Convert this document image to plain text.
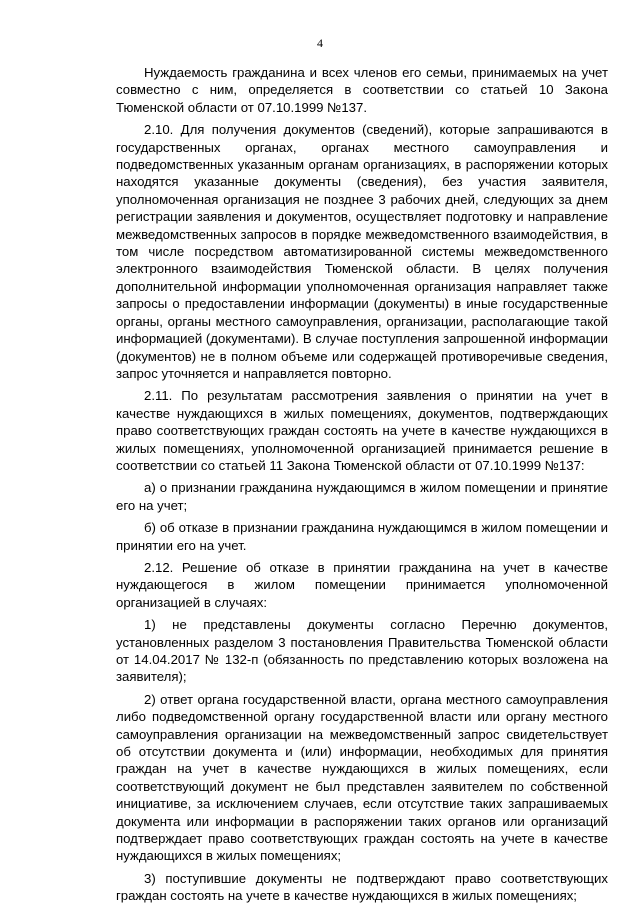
4

Нуждаемость гражданина и всех членов его семьи, принимаемых на учет совместно с ним, определяется в соответствии со статьей 10 Закона Тюменской области от 07.10.1999 №137.

2.10. Для получения документов (сведений), которые запрашиваются в государственных органах, органах местного самоуправления и подведомственных указанным органам организациях, в распоряжении которых находятся указанные документы (сведения), без участия заявителя, уполномоченная организация не позднее 3 рабочих дней, следующих за днем регистрации заявления и документов, осуществляет подготовку и направление межведомственных запросов в порядке межведомственного взаимодействия, в том числе посредством автоматизированной системы межведомственного электронного взаимодействия Тюменской области. В целях получения дополнительной информации уполномоченная организация направляет также запросы о предоставлении информации (документы) в иные государственные органы, органы местного самоуправления, организации, располагающие такой информацией (документами). В случае поступления запрошенной информации (документов) не в полном объеме или содержащей противоречивые сведения, запрос уточняется и направляется повторно.

2.11. По результатам рассмотрения заявления о принятии на учет в качестве нуждающихся в жилых помещениях, документов, подтверждающих право соответствующих граждан состоять на учете в качестве нуждающихся в жилых помещениях, уполномоченной организацией принимается решение в соответствии со статьей 11 Закона Тюменской области от 07.10.1999 №137:

а) о признании гражданина нуждающимся в жилом помещении и принятие его на учет;

б) об отказе в признании гражданина нуждающимся в жилом помещении и принятии его на учет.

2.12. Решение об отказе в принятии гражданина на учет в качестве нуждающегося в жилом помещении принимается уполномоченной организацией в случаях:

1) не представлены документы согласно Перечню документов, установленных разделом 3 постановления Правительства Тюменской области от 14.04.2017 № 132-п (обязанность по представлению которых возложена на заявителя);

2) ответ органа государственной власти, органа местного самоуправления либо подведомственной органу государственной власти или органу местного самоуправления организации на межведомственный запрос свидетельствует об отсутствии документа и (или) информации, необходимых для принятия граждан на учет в качестве нуждающихся в жилых помещениях, если соответствующий документ не был представлен заявителем по собственной инициативе, за исключением случаев, если отсутствие таких запрашиваемых документа или информации в распоряжении таких органов или организаций подтверждает право соответствующих граждан состоять на учете в качестве нуждающихся в жилых помещениях;

3) поступившие документы не подтверждают право соответствующих граждан состоять на учете в качестве нуждающихся в жилых помещениях;
